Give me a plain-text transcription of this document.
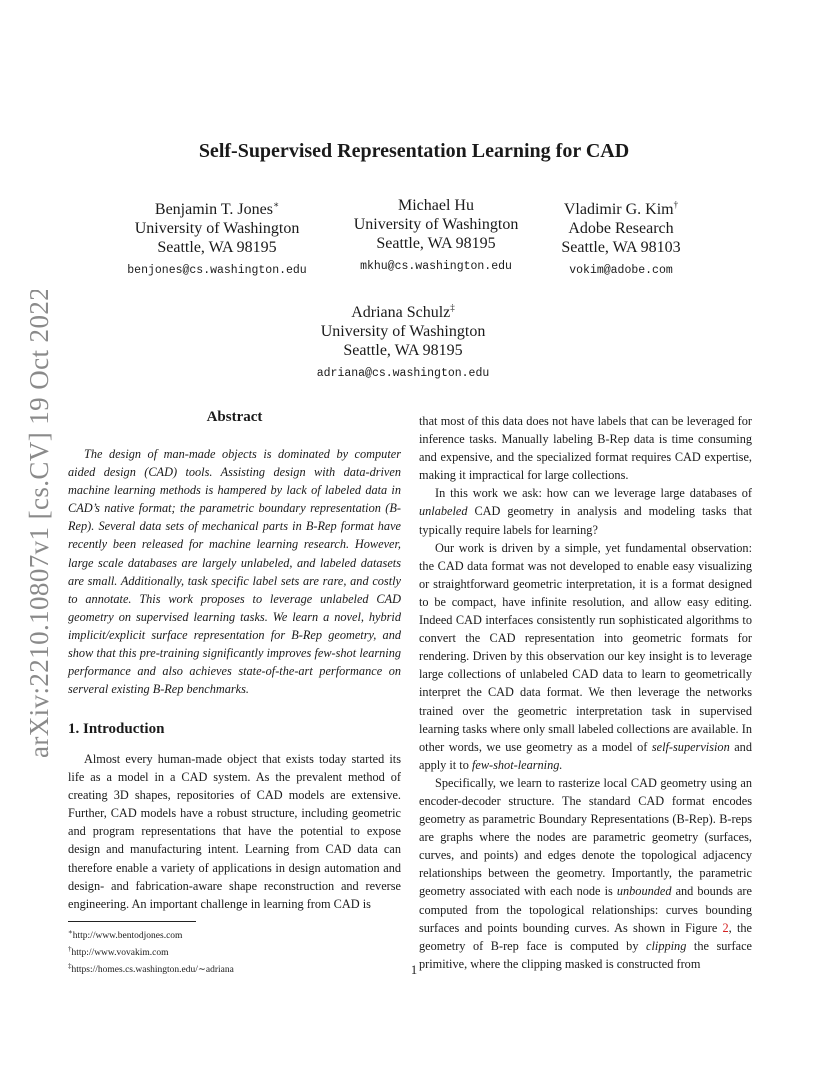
arXiv:2210.10807v1 [cs.CV] 19 Oct 2022
Self-Supervised Representation Learning for CAD
Benjamin T. Jones∗
University of Washington
Seattle, WA 98195
benjones@cs.washington.edu
Michael Hu
University of Washington
Seattle, WA 98195
mkhu@cs.washington.edu
Vladimir G. Kim†
Adobe Research
Seattle, WA 98103
vokim@adobe.com
Adriana Schulz‡
University of Washington
Seattle, WA 98195
adriana@cs.washington.edu
Abstract

The design of man-made objects is dominated by computer aided design (CAD) tools. Assisting design with data-driven machine learning methods is hampered by lack of labeled data in CAD’s native format; the parametric boundary representation (B-Rep). Several data sets of mechanical parts in B-Rep format have recently been released for machine learning research. However, large scale databases are largely unlabeled, and labeled datasets are small. Additionally, task specific label sets are rare, and costly to annotate. This work proposes to leverage unlabeled CAD geometry on supervised learning tasks. We learn a novel, hybrid implicit/explicit surface representation for B-Rep geometry, and show that this pre-training significantly improves few-shot learning performance and also achieves state-of-the-art performance on serveral existing B-Rep benchmarks.

1. Introduction

Almost every human-made object that exists today started its life as a model in a CAD system. As the prevalent method of creating 3D shapes, repositories of CAD models are extensive. Further, CAD models have a robust structure, including geometric and program representations that have the potential to expose design and manufacturing intent. Learning from CAD data can therefore enable a variety of applications in design automation and design- and fabrication-aware shape reconstruction and reverse engineering. An important challenge in learning from CAD is

that most of this data does not have labels that can be leveraged for inference tasks. Manually labeling B-Rep data is time consuming and expensive, and the specialized format requires CAD expertise, making it impractical for large collections.

In this work we ask: how can we leverage large databases of unlabeled CAD geometry in analysis and modeling tasks that typically require labels for learning?

Our work is driven by a simple, yet fundamental observation: the CAD data format was not developed to enable easy visualizing or straightforward geometric interpretation, it is a format designed to be compact, have infinite resolution, and allow easy editing. Indeed CAD interfaces consistently run sophisticated algorithms to convert the CAD representation into geometric formats for rendering. Driven by this observation our key insight is to leverage large collections of unlabeled CAD data to learn to geometrically interpret the CAD data format. We then leverage the networks trained over the geometric interpretation task in supervised learning tasks where only small labeled collections are available. In other words, we use geometry as a model of self-supervision and apply it to few-shot-learning.

Specifically, we learn to rasterize local CAD geometry using an encoder-decoder structure. The standard CAD format encodes geometry as parametric Boundary Representations (B-Rep). B-reps are graphs where the nodes are parametric geometry (surfaces, curves, and points) and edges denote the topological adjacency relationships between the geometry. Importantly, the parametric geometry associated with each node is unbounded and bounds are computed from the topological relationships: curves bounding surfaces and points bounding curves. As shown in Figure 2, the geometry of B-rep face is computed by clipping the surface primitive, where the clipping masked is constructed from

∗http://www.bentodjones.com
†http://www.vovakim.com
‡https://homes.cs.washington.edu/∼adriana	1
